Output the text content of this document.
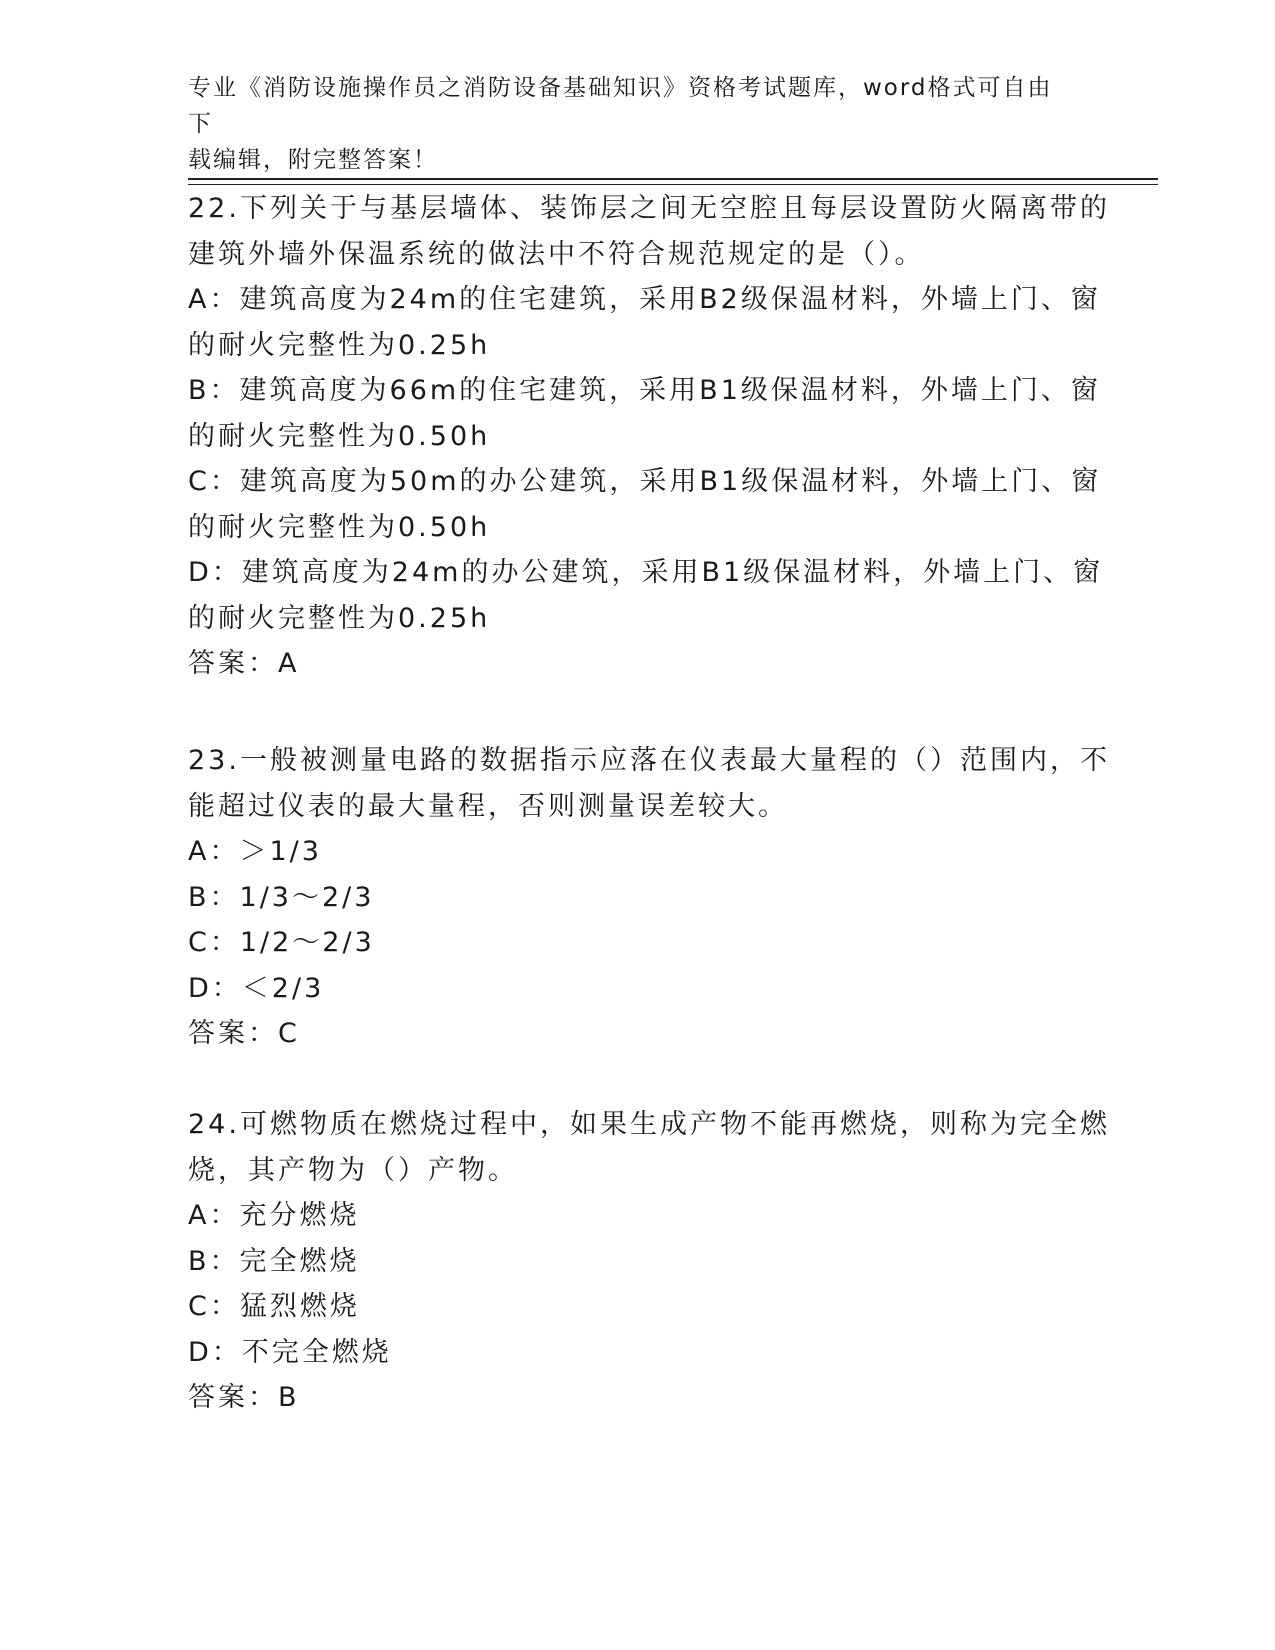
专业《消防设施操作员之消防设备基础知识》资格考试题库，word格式可自由下
载编辑，附完整答案！
22.下列关于与基层墙体、装饰层之间无空腔且每层设置防火隔离带的
建筑外墙外保温系统的做法中不符合规范规定的是（）。
A：建筑高度为24m的住宅建筑，采用B2级保温材料，外墙上门、窗
的耐火完整性为0.25h
B：建筑高度为66m的住宅建筑，采用B1级保温材料，外墙上门、窗
的耐火完整性为0.50h
C：建筑高度为50m的办公建筑，采用B1级保温材料，外墙上门、窗
的耐火完整性为0.50h
D：建筑高度为24m的办公建筑，采用B1级保温材料，外墙上门、窗
的耐火完整性为0.25h
答案：A
23.一般被测量电路的数据指示应落在仪表最大量程的（）范围内，不
能超过仪表的最大量程，否则测量误差较大。
A：＞1/3
B：1/3～2/3
C：1/2～2/3
D：＜2/3
答案：C
24.可燃物质在燃烧过程中，如果生成产物不能再燃烧，则称为完全燃
烧，其产物为（）产物。
A：充分燃烧
B：完全燃烧
C：猛烈燃烧
D：不完全燃烧
答案：B
